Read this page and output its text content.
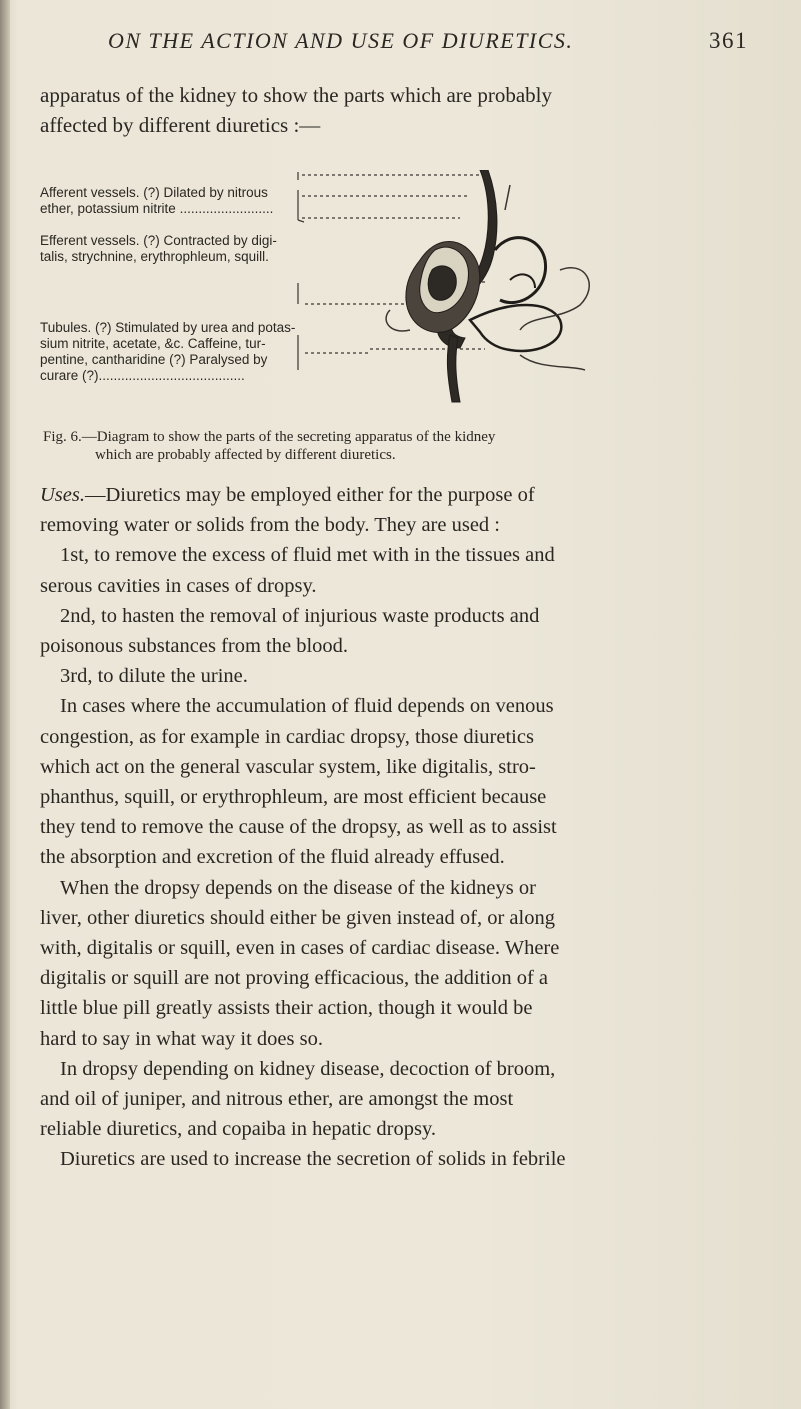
ON THE ACTION AND USE OF DIURETICS.	361
apparatus of the kidney to show the parts which are probably
affected by different diuretics :—
Afferent vessels. (?) Dilated by nitrous
ether, potassium nitrite .........................
Efferent vessels. (?) Contracted by digi-
talis, strychnine, erythrophleum, squill.
Tubules. (?) Stimulated by urea and potas-
sium nitrite, acetate, &c. Caffeine, tur-
pentine, cantharidine (?) Paralysed by
curare (?).......................................
Fig. 6.—Diagram to show the parts of the secreting apparatus of the kidney
which are probably affected by different diuretics.
Uses.—Diuretics may be employed either for the purpose of
removing water or solids from the body. They are used :
1st, to remove the excess of fluid met with in the tissues and
serous cavities in cases of dropsy.
2nd, to hasten the removal of injurious waste products and
poisonous substances from the blood.
3rd, to dilute the urine.
In cases where the accumulation of fluid depends on venous
congestion, as for example in cardiac dropsy, those diuretics
which act on the general vascular system, like digitalis, stro-
phanthus, squill, or erythrophleum, are most efficient because
they tend to remove the cause of the dropsy, as well as to assist
the absorption and excretion of the fluid already effused.
When the dropsy depends on the disease of the kidneys or
liver, other diuretics should either be given instead of, or along
with, digitalis or squill, even in cases of cardiac disease. Where
digitalis or squill are not proving efficacious, the addition of a
little blue pill greatly assists their action, though it would be
hard to say in what way it does so.
In dropsy depending on kidney disease, decoction of broom,
and oil of juniper, and nitrous ether, are amongst the most
reliable diuretics, and copaiba in hepatic dropsy.
Diuretics are used to increase the secretion of solids in febrile
